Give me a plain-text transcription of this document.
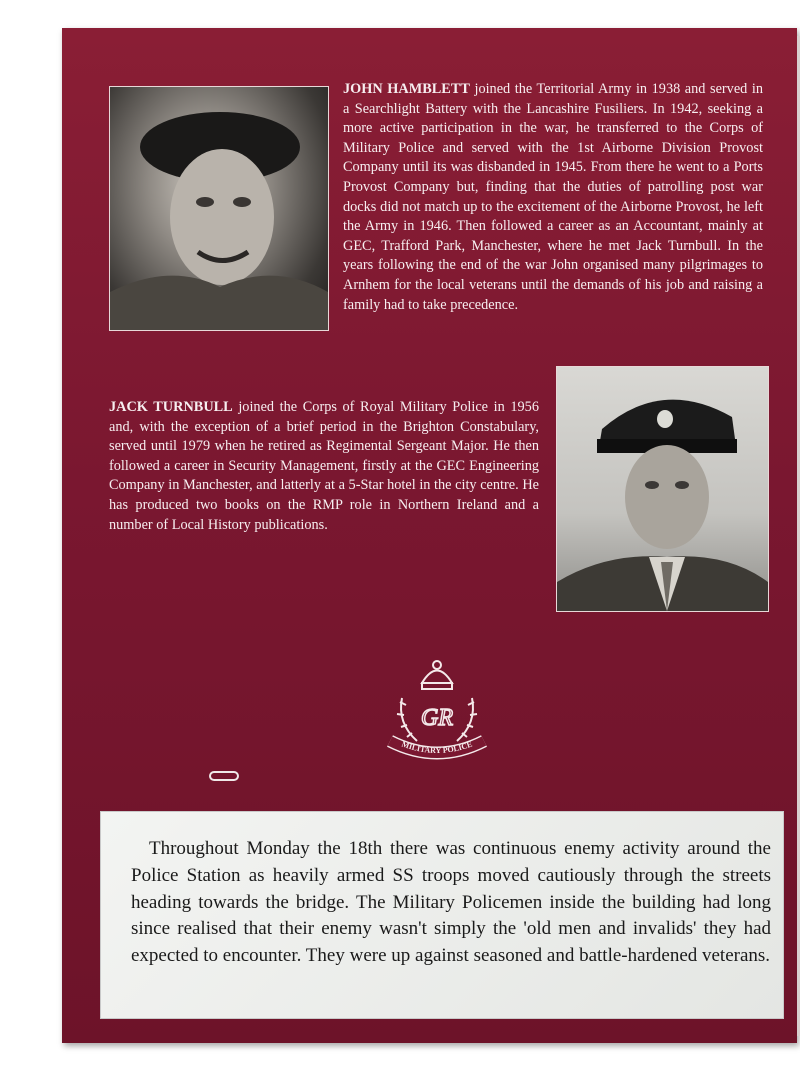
JOHN HAMBLETT joined the Territorial Army in 1938 and served in a Searchlight Battery with the Lancashire Fusiliers. In 1942, seeking a more active participation in the war, he transferred to the Corps of Military Police and served with the 1st Airborne Division Provost Company until its was disbanded in 1945. From there he went to a Ports Provost Company but, finding that the duties of patrolling post war docks did not match up to the excitement of the Airborne Provost, he left the Army in 1946. Then followed a career as an Accountant, mainly at GEC, Trafford Park, Manchester, where he met Jack Turnbull. In the years following the end of the war John organised many pilgrimages to Arnhem for the local veterans until the demands of his job and raising a family had to take precedence.

JACK TURNBULL joined the Corps of Royal Military Police in 1956 and, with the exception of a brief period in the Brighton Constabulary, served until 1979 when he retired as Regimental Sergeant Major. He then followed a career in Security Management, firstly at the GEC Engineering Company in Manchester, and latterly at a 5-Star hotel in the city centre. He has produced two books on the RMP role in Northern Ireland and a number of Local History publications.

GR
MILITARY POLICE

Throughout Monday the 18th there was continuous enemy activity around the Police Station as heavily armed SS troops moved cautiously through the streets heading towards the bridge. The Military Policemen inside the building had long since realised that their enemy wasn't simply the 'old men and invalids' they had expected to encounter. They were up against seasoned and battle-hardened veterans.
